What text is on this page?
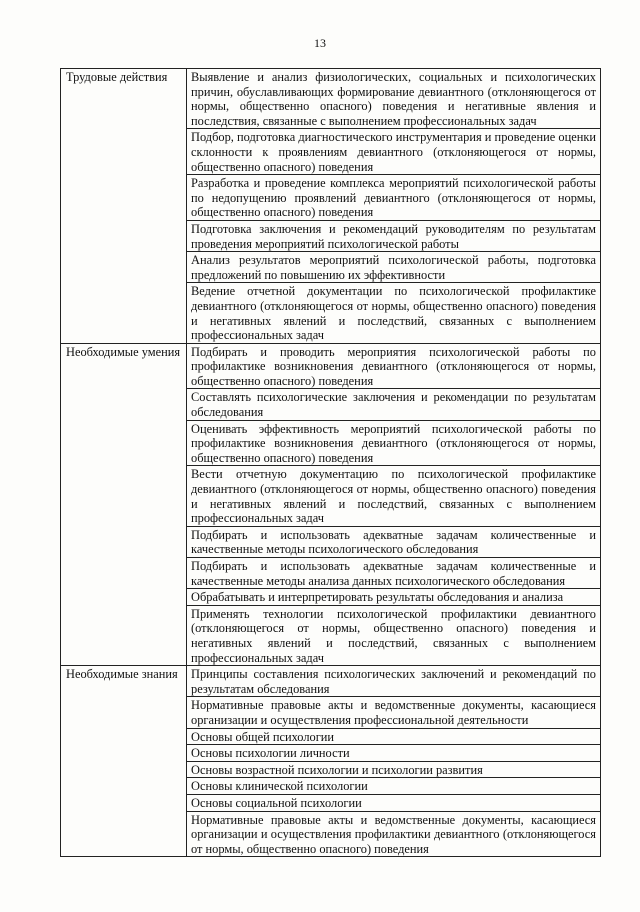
13
Трудовые действия	Выявление и анализ физиологических, социальных и психологических причин, обуславливающих формирование девиантного (отклоняющегося от нормы, общественно опасного) поведения и негативные явления и последствия, связанные с выполнением профессиональных задач
	Подбор, подготовка диагностического инструментария и проведение оценки склонности к проявлениям девиантного (отклоняющегося от нормы, общественно опасного) поведения
	Разработка и проведение комплекса мероприятий психологической работы по недопущению проявлений девиантного (отклоняющегося от нормы, общественно опасного) поведения
	Подготовка заключения и рекомендаций руководителям по результатам проведения мероприятий психологической работы
	Анализ результатов мероприятий психологической работы, подготовка предложений по повышению их эффективности
	Ведение отчетной документации по психологической профилактике девиантного (отклоняющегося от нормы, общественно опасного) поведения и негативных явлений и последствий, связанных с выполнением профессиональных задач
Необходимые умения	Подбирать и проводить мероприятия психологической работы по профилактике возникновения девиантного (отклоняющегося от нормы, общественно опасного) поведения
	Составлять психологические заключения и рекомендации по результатам обследования
	Оценивать эффективность мероприятий психологической работы по профилактике возникновения девиантного (отклоняющегося от нормы, общественно опасного) поведения
	Вести отчетную документацию по психологической профилактике девиантного (отклоняющегося от нормы, общественно опасного) поведения и негативных явлений и последствий, связанных с выполнением профессиональных задач
	Подбирать и использовать адекватные задачам количественные и качественные методы психологического обследования
	Подбирать и использовать адекватные задачам количественные и качественные методы анализа данных психологического обследования
	Обрабатывать и интерпретировать результаты обследования и анализа
	Применять технологии психологической профилактики девиантного (отклоняющегося от нормы, общественно опасного) поведения и негативных явлений и последствий, связанных с выполнением профессиональных задач
Необходимые знания	Принципы составления психологических заключений и рекомендаций по результатам обследования
	Нормативные правовые акты и ведомственные документы, касающиеся организации и осуществления профессиональной деятельности
	Основы общей психологии
	Основы психологии личности
	Основы возрастной психологии и психологии развития
	Основы клинической психологии
	Основы социальной психологии
	Нормативные правовые акты и ведомственные документы, касающиеся организации и осуществления профилактики девиантного (отклоняющегося от нормы, общественно опасного) поведения
